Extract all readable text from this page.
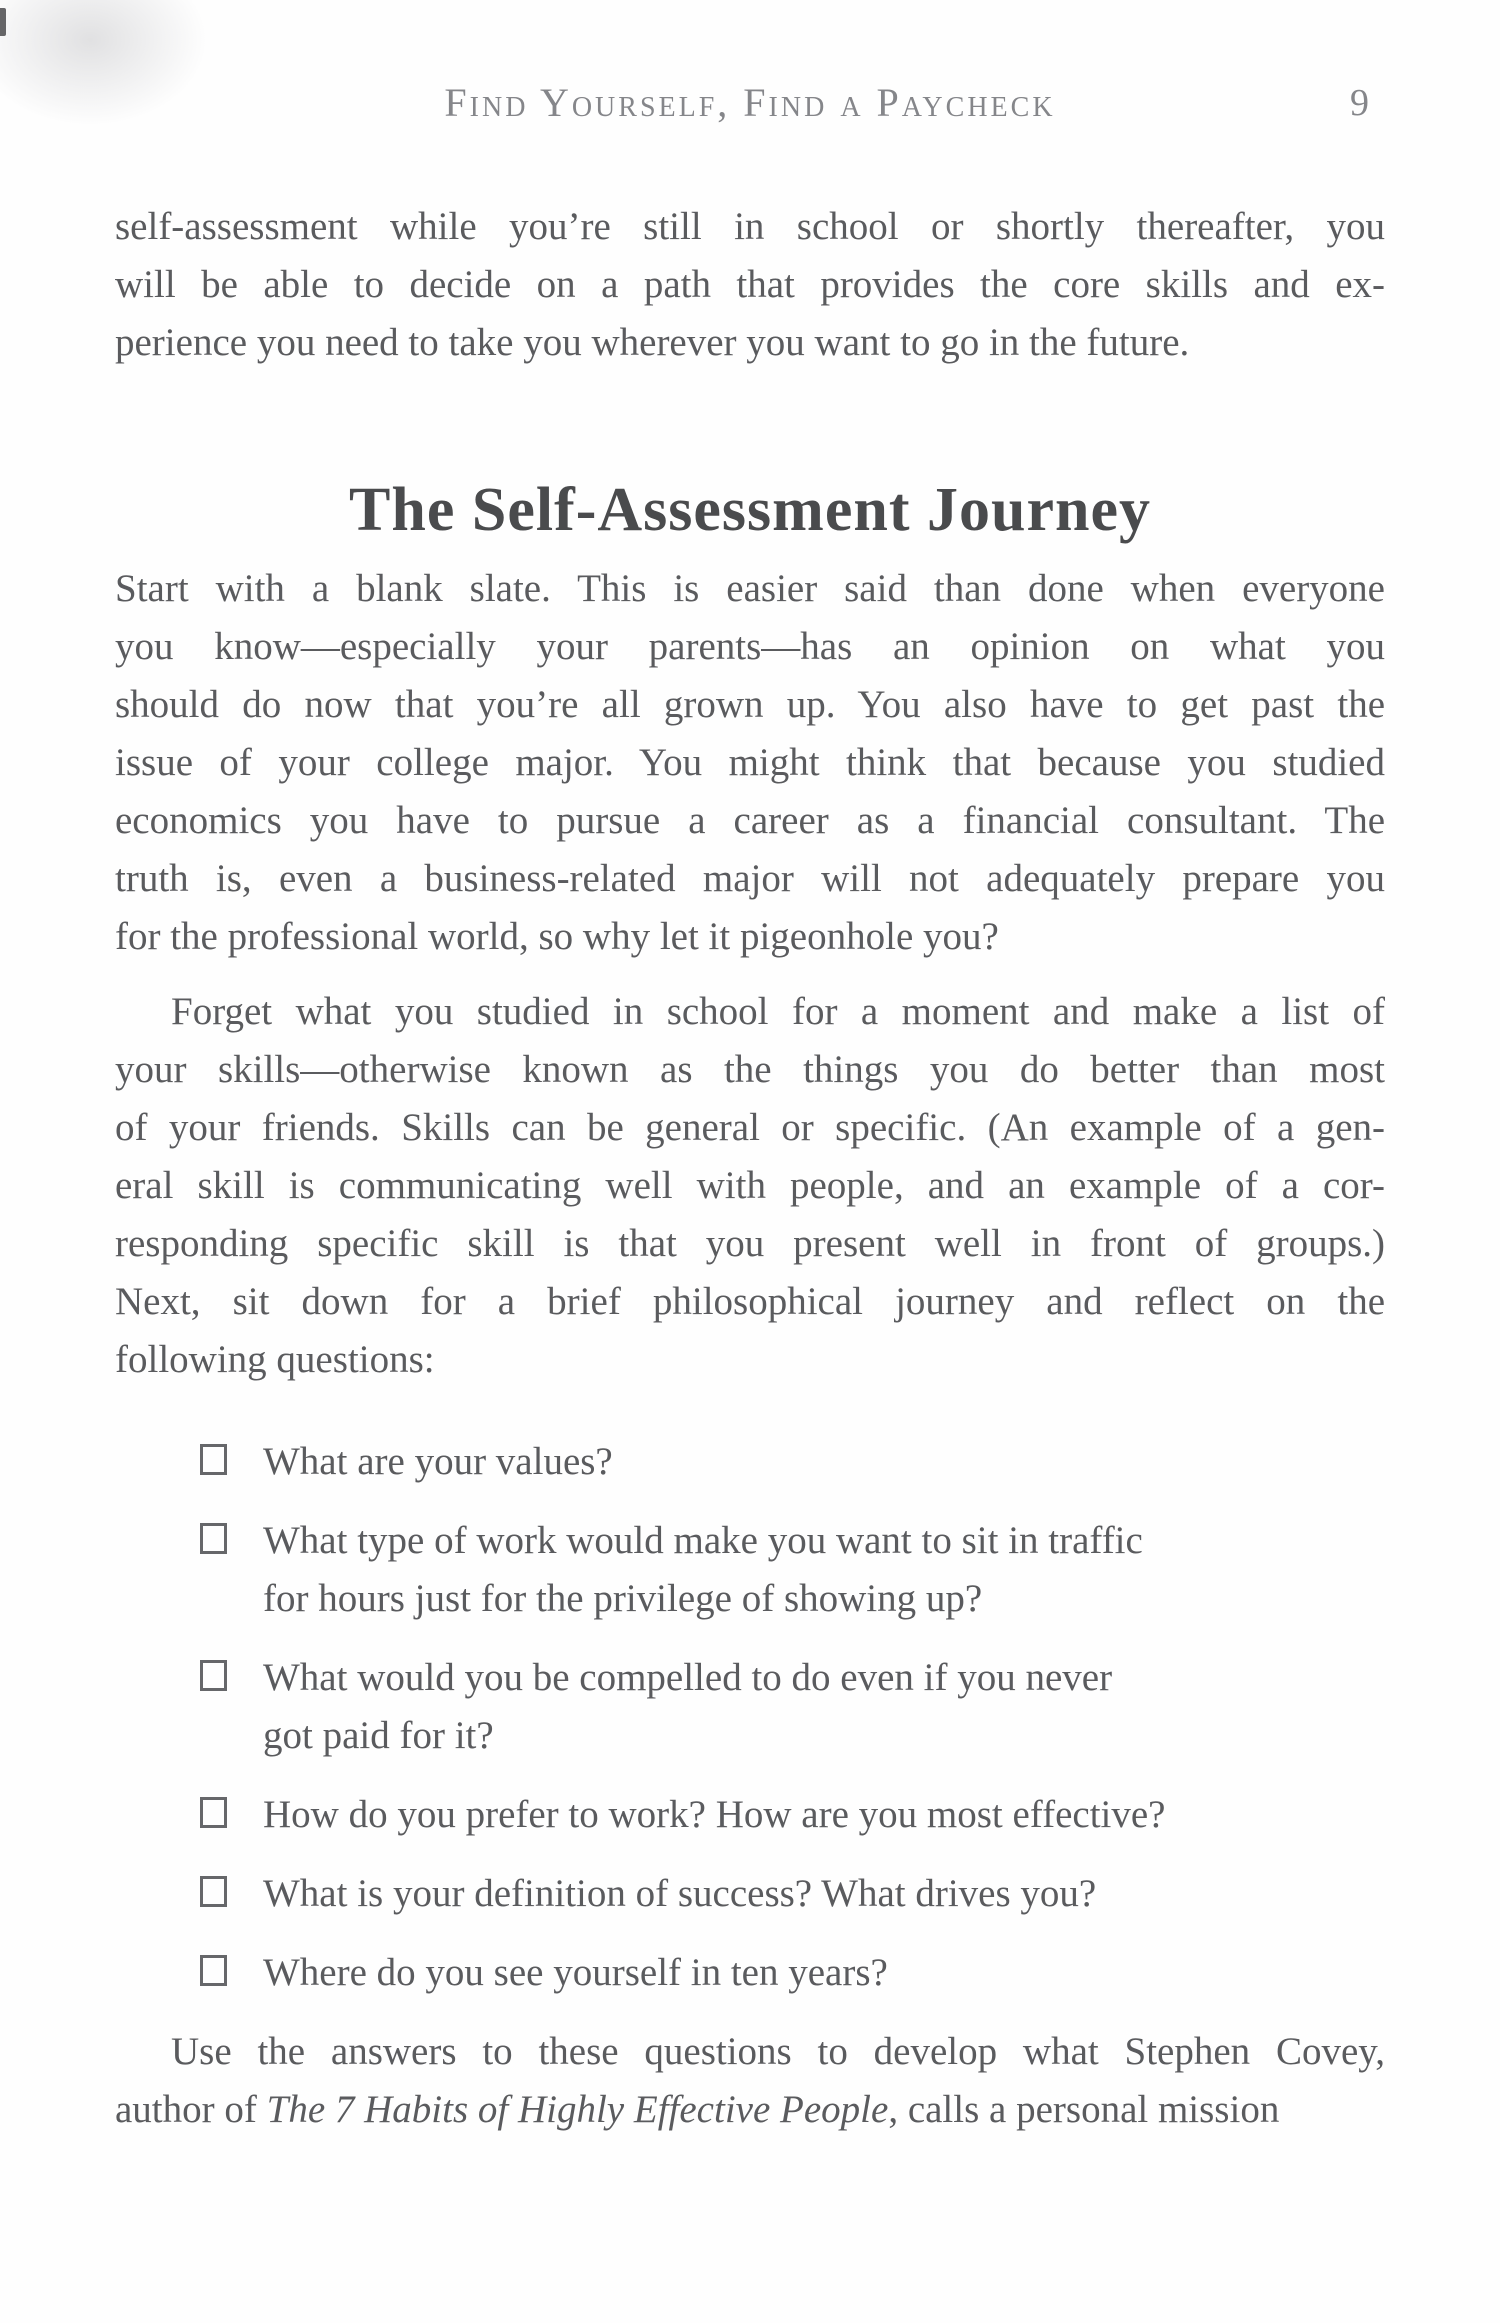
Find Yourself, Find a Paycheck	9
self-assessment while you’re still in school or shortly thereafter, you
will be able to decide on a path that provides the core skills and ex-
perience you need to take you wherever you want to go in the future.
The Self-Assessment Journey
Start with a blank slate. This is easier said than done when everyone
you know—especially your parents—has an opinion on what you
should do now that you’re all grown up. You also have to get past the
issue of your college major. You might think that because you studied
economics you have to pursue a career as a financial consultant. The
truth is, even a business-related major will not adequately prepare you
for the professional world, so why let it pigeonhole you?
Forget what you studied in school for a moment and make a list of
your skills—otherwise known as the things you do better than most
of your friends. Skills can be general or specific. (An example of a gen-
eral skill is communicating well with people, and an example of a cor-
responding specific skill is that you present well in front of groups.)
Next, sit down for a brief philosophical journey and reflect on the
following questions:
What are your values?
What type of work would make you want to sit in traffic
for hours just for the privilege of showing up?
What would you be compelled to do even if you never
got paid for it?
How do you prefer to work? How are you most effective?
What is your definition of success? What drives you?
Where do you see yourself in ten years?
Use the answers to these questions to develop what Stephen Covey,
author of The 7 Habits of Highly Effective People, calls a personal mission
